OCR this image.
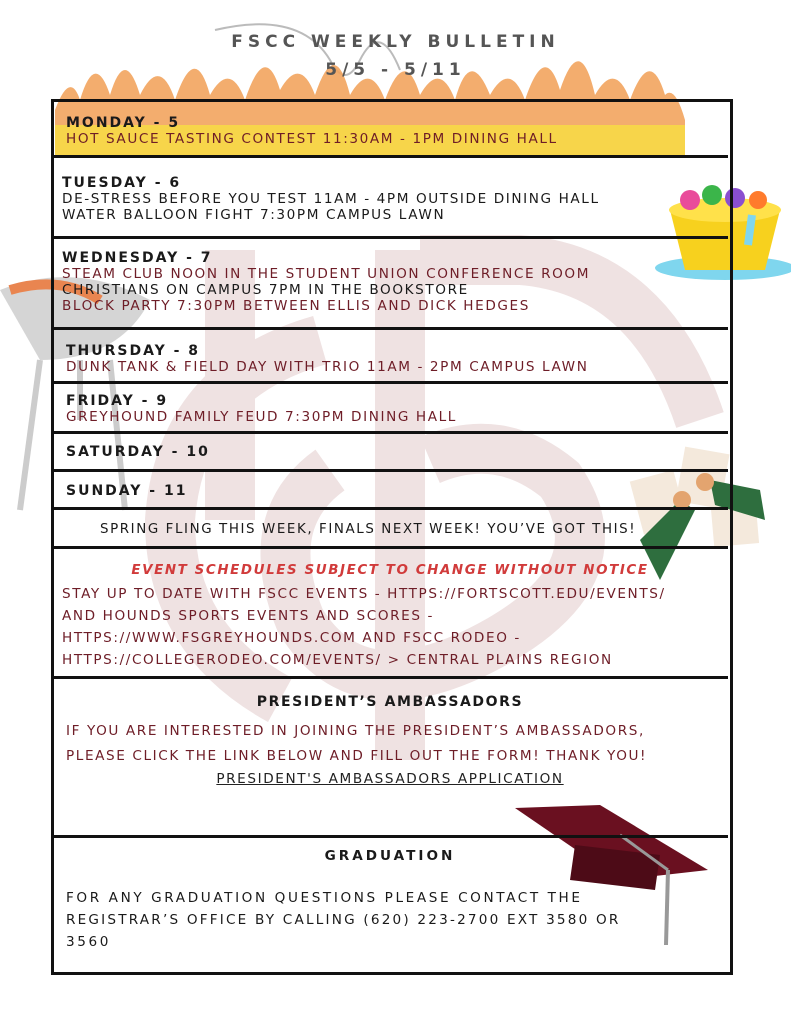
FSCC WEEKLY BULLETIN
5/5 - 5/11
MONDAY - 5
HOT SAUCE TASTING CONTEST 11:30AM - 1PM DINING HALL
TUESDAY - 6
DE-STRESS BEFORE YOU TEST 11AM - 4PM OUTSIDE DINING HALL
WATER BALLOON FIGHT 7:30PM CAMPUS LAWN
WEDNESDAY - 7
STEAM CLUB NOON IN THE STUDENT UNION CONFERENCE ROOM
CHRISTIANS ON CAMPUS 7PM IN THE BOOKSTORE
BLOCK PARTY 7:30PM BETWEEN ELLIS AND DICK HEDGES
THURSDAY - 8
DUNK TANK & FIELD DAY WITH TRIO 11AM - 2PM CAMPUS LAWN
FRIDAY - 9
GREYHOUND FAMILY FEUD 7:30PM DINING HALL
SATURDAY - 10
SUNDAY - 11
SPRING FLING THIS WEEK, FINALS NEXT WEEK! YOU’VE GOT THIS!
EVENT SCHEDULES SUBJECT TO CHANGE WITHOUT NOTICE
STAY UP TO DATE WITH FSCC EVENTS - HTTPS://FORTSCOTT.EDU/EVENTS/
AND HOUNDS SPORTS EVENTS AND SCORES -
HTTPS://WWW.FSGREYHOUNDS.COM AND FSCC RODEO -
HTTPS://COLLEGERODEO.COM/EVENTS/ > CENTRAL PLAINS REGION
PRESIDENT’S AMBASSADORS
IF YOU ARE INTERESTED IN JOINING THE PRESIDENT’S AMBASSADORS,
PLEASE CLICK THE LINK BELOW AND FILL OUT THE FORM! THANK YOU!
PRESIDENT'S AMBASSADORS APPLICATION
GRADUATION
FOR ANY GRADUATION QUESTIONS PLEASE CONTACT THE
REGISTRAR’S OFFICE BY CALLING (620) 223-2700 EXT 3580 OR
3560
